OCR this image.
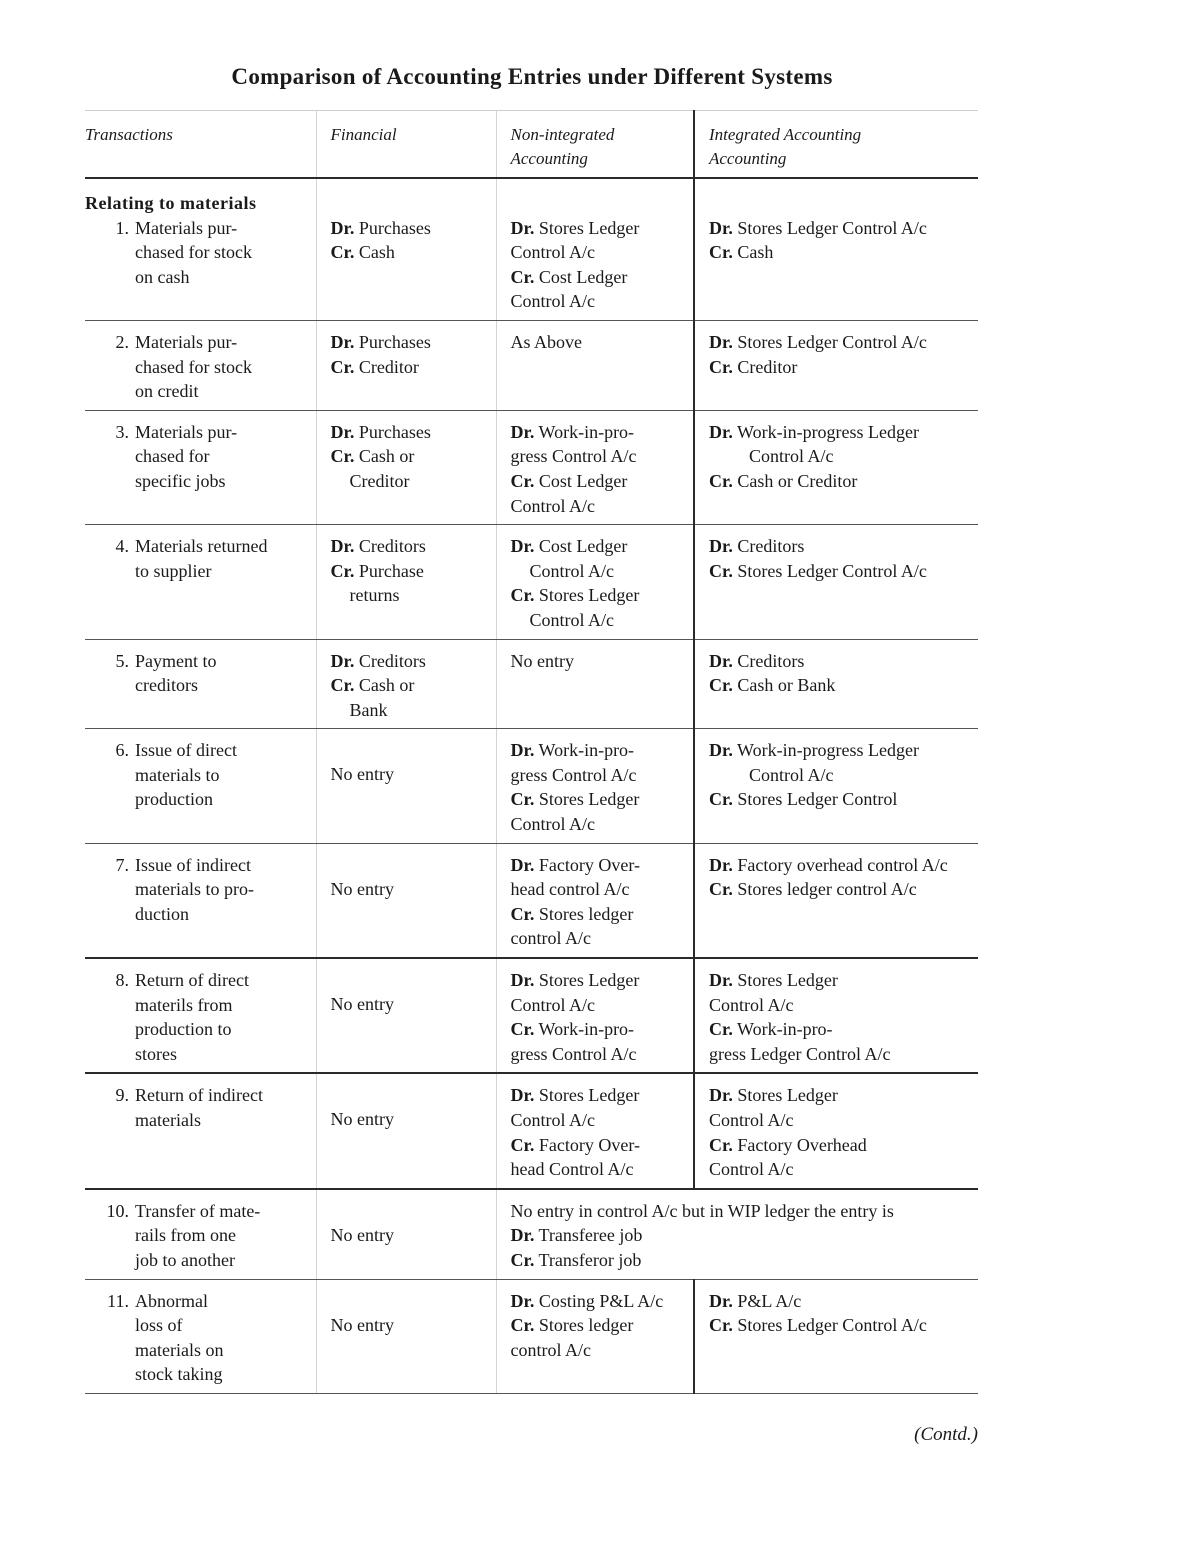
Comparison of Accounting Entries under Different Systems
Transactions	Financial	Non-integrated
Accounting	Integrated Accounting
Accounting

Relating to materials
1. Materials pur-
chased for stock
on cash	Dr. Purchases
Cr. Cash	Dr. Stores Ledger
Control A/c
Cr. Cost Ledger
Control A/c	Dr. Stores Ledger Control A/c
Cr. Cash

2. Materials pur-
chased for stock
on credit	Dr. Purchases
Cr. Creditor	As Above	Dr. Stores Ledger Control A/c
Cr. Creditor

3. Materials pur-
chased for
specific jobs	Dr. Purchases
Cr. Cash or
Creditor	Dr. Work-in-pro-
gress Control A/c
Cr. Cost Ledger
Control A/c	Dr. Work-in-progress Ledger
Control A/c
Cr. Cash or Creditor

4. Materials returned
to supplier	Dr. Creditors
Cr. Purchase
returns	Dr. Cost Ledger
Control A/c
Cr. Stores Ledger
Control A/c	Dr. Creditors
Cr. Stores Ledger Control A/c

5. Payment to
creditors	Dr. Creditors
Cr. Cash or
Bank	No entry	Dr. Creditors
Cr. Cash or Bank

6. Issue of direct
materials to
production	No entry	Dr. Work-in-pro-
gress Control A/c
Cr. Stores Ledger
Control A/c	Dr. Work-in-progress Ledger
Control A/c
Cr. Stores Ledger Control

7. Issue of indirect
materials to pro-
duction	No entry	Dr. Factory Over-
head control A/c
Cr. Stores ledger
control A/c	Dr. Factory overhead control A/c
Cr. Stores ledger control A/c

8. Return of direct
materils from
production to
stores	No entry	Dr. Stores Ledger
Control A/c
Cr. Work-in-pro-
gress Control A/c	Dr. Stores Ledger
Control A/c
Cr. Work-in-pro-
gress Ledger Control A/c

9. Return of indirect
materials	No entry	Dr. Stores Ledger
Control A/c
Cr. Factory Over-
head Control A/c	Dr. Stores Ledger
Control A/c
Cr. Factory Overhead
Control A/c

10. Transfer of mate-
rails from one
job to another	No entry	No entry in control A/c but in WIP ledger the entry is
Dr. Transferee job
Cr. Transferor job	

11. Abnormal
loss of
materials on
stock taking	No entry	Dr. Costing P&L A/c
Cr. Stores ledger
control A/c	Dr. P&L A/c
Cr. Stores Ledger Control A/c
(Contd.)
